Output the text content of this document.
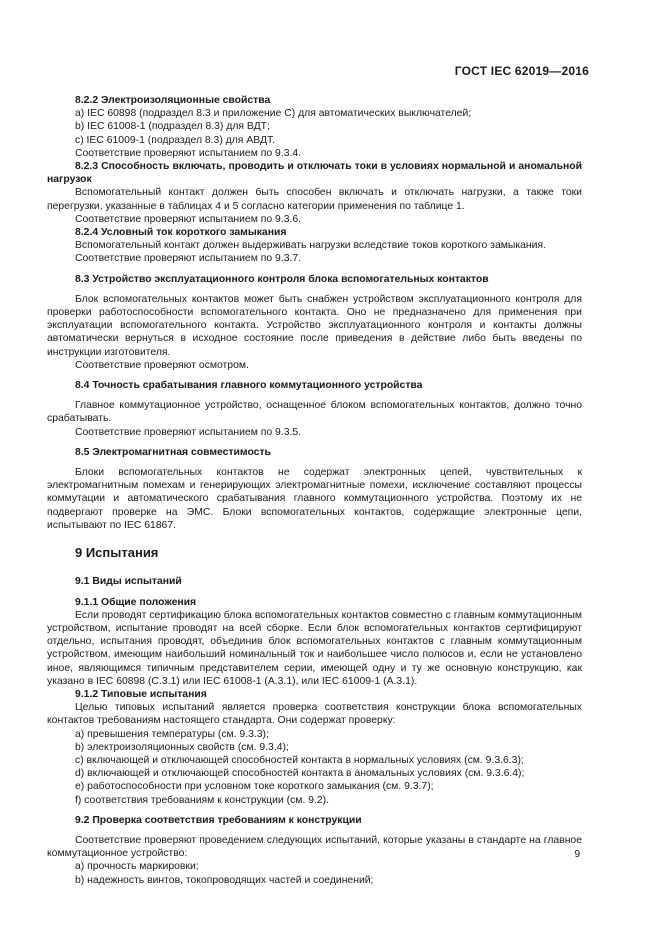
ГОСТ IEC 62019—2016

8.2.2 Электроизоляционные свойства

a) IEC 60898 (подраздел 8.3 и приложение C) для автоматических выключателей;

b) IEC 61008-1 (подраздел 8.3) для ВДТ;

c) IEC 61009-1 (подраздел 8.3) для АВДТ.

Соответствие проверяют испытанием по 9.3.4.

8.2.3 Способность включать, проводить и отключать токи в условиях нормальной и аномальной нагрузок

Вспомогательный контакт должен быть способен включать и отключать нагрузки, а также токи перегрузки, указанные в таблицах 4 и 5 согласно категории применения по таблице 1.

Соответствие проверяют испытанием по 9.3.6.

8.2.4 Условный ток короткого замыкания

Вспомогательный контакт должен выдерживать нагрузки вследствие токов короткого замыкания.

Соответствие проверяют испытанием по 9.3.7.

8.3 Устройство эксплуатационного контроля блока вспомогательных контактов

Блок вспомогательных контактов может быть снабжен устройством эксплуатационного контроля для проверки работоспособности вспомогательного контакта. Оно не предназначено для применения при эксплуатации вспомогательного контакта. Устройство эксплуатационного контроля и контакты должны автоматически вернуться в исходное состояние после приведения в действие либо быть введены по инструкции изготовителя.

Соответствие проверяют осмотром.

8.4 Точность срабатывания главного коммутационного устройства

Главное коммутационное устройство, оснащенное блоком вспомогательных контактов, должно точно срабатывать.

Соответствие проверяют испытанием по 9.3.5.

8.5 Электромагнитная совместимость

Блоки вспомогательных контактов не содержат электронных цепей, чувствительных к электромагнитным помехам и генерирующих электромагнитные помехи, исключение составляют процессы коммутации и автоматического срабатывания главного коммутационного устройства. Поэтому их не подвергают проверке на ЭМС. Блоки вспомогательных контактов, содержащие электронные цепи, испытывают по IEC 61867.

9 Испытания

9.1 Виды испытаний

9.1.1 Общие положения

Если проводят сертификацию блока вспомогательных контактов совместно с главным коммутационным устройством, испытание проводят на всей сборке. Если блок вспомогательных контактов сертифицируют отдельно, испытания проводят, объединив блок вспомогательных контактов с главным коммутационным устройством, имеющим наибольший номинальный ток и наибольшее число полюсов и, если не установлено иное, являющимся типичным представителем серии, имеющей одну и ту же основную конструкцию, как указано в IEC 60898 (C.3.1) или IEC 61008-1 (A.3.1), или IEC 61009-1 (A.3.1).

9.1.2 Типовые испытания

Целью типовых испытаний является проверка соответствия конструкции блока вспомогательных контактов требованиям настоящего стандарта. Они содержат проверку:

a) превышения температуры (см. 9.3.3);

b) электроизоляционных свойств (см. 9.3.4);

c) включающей и отключающей способностей контакта в нормальных условиях (см. 9.3.6.3);

d) включающей и отключающей способностей контакта в аномальных условиях (см. 9.3.6.4);

e) работоспособности при условном токе короткого замыкания (см. 9.3.7);

f) соответствия требованиям к конструкции (см. 9.2).

9.2 Проверка соответствия требованиям к конструкции

Соответствие проверяют проведением следующих испытаний, которые указаны в стандарте на главное коммутационное устройство:

a) прочность маркировки;

b) надежность винтов, токопроводящих частей и соединений;

9
